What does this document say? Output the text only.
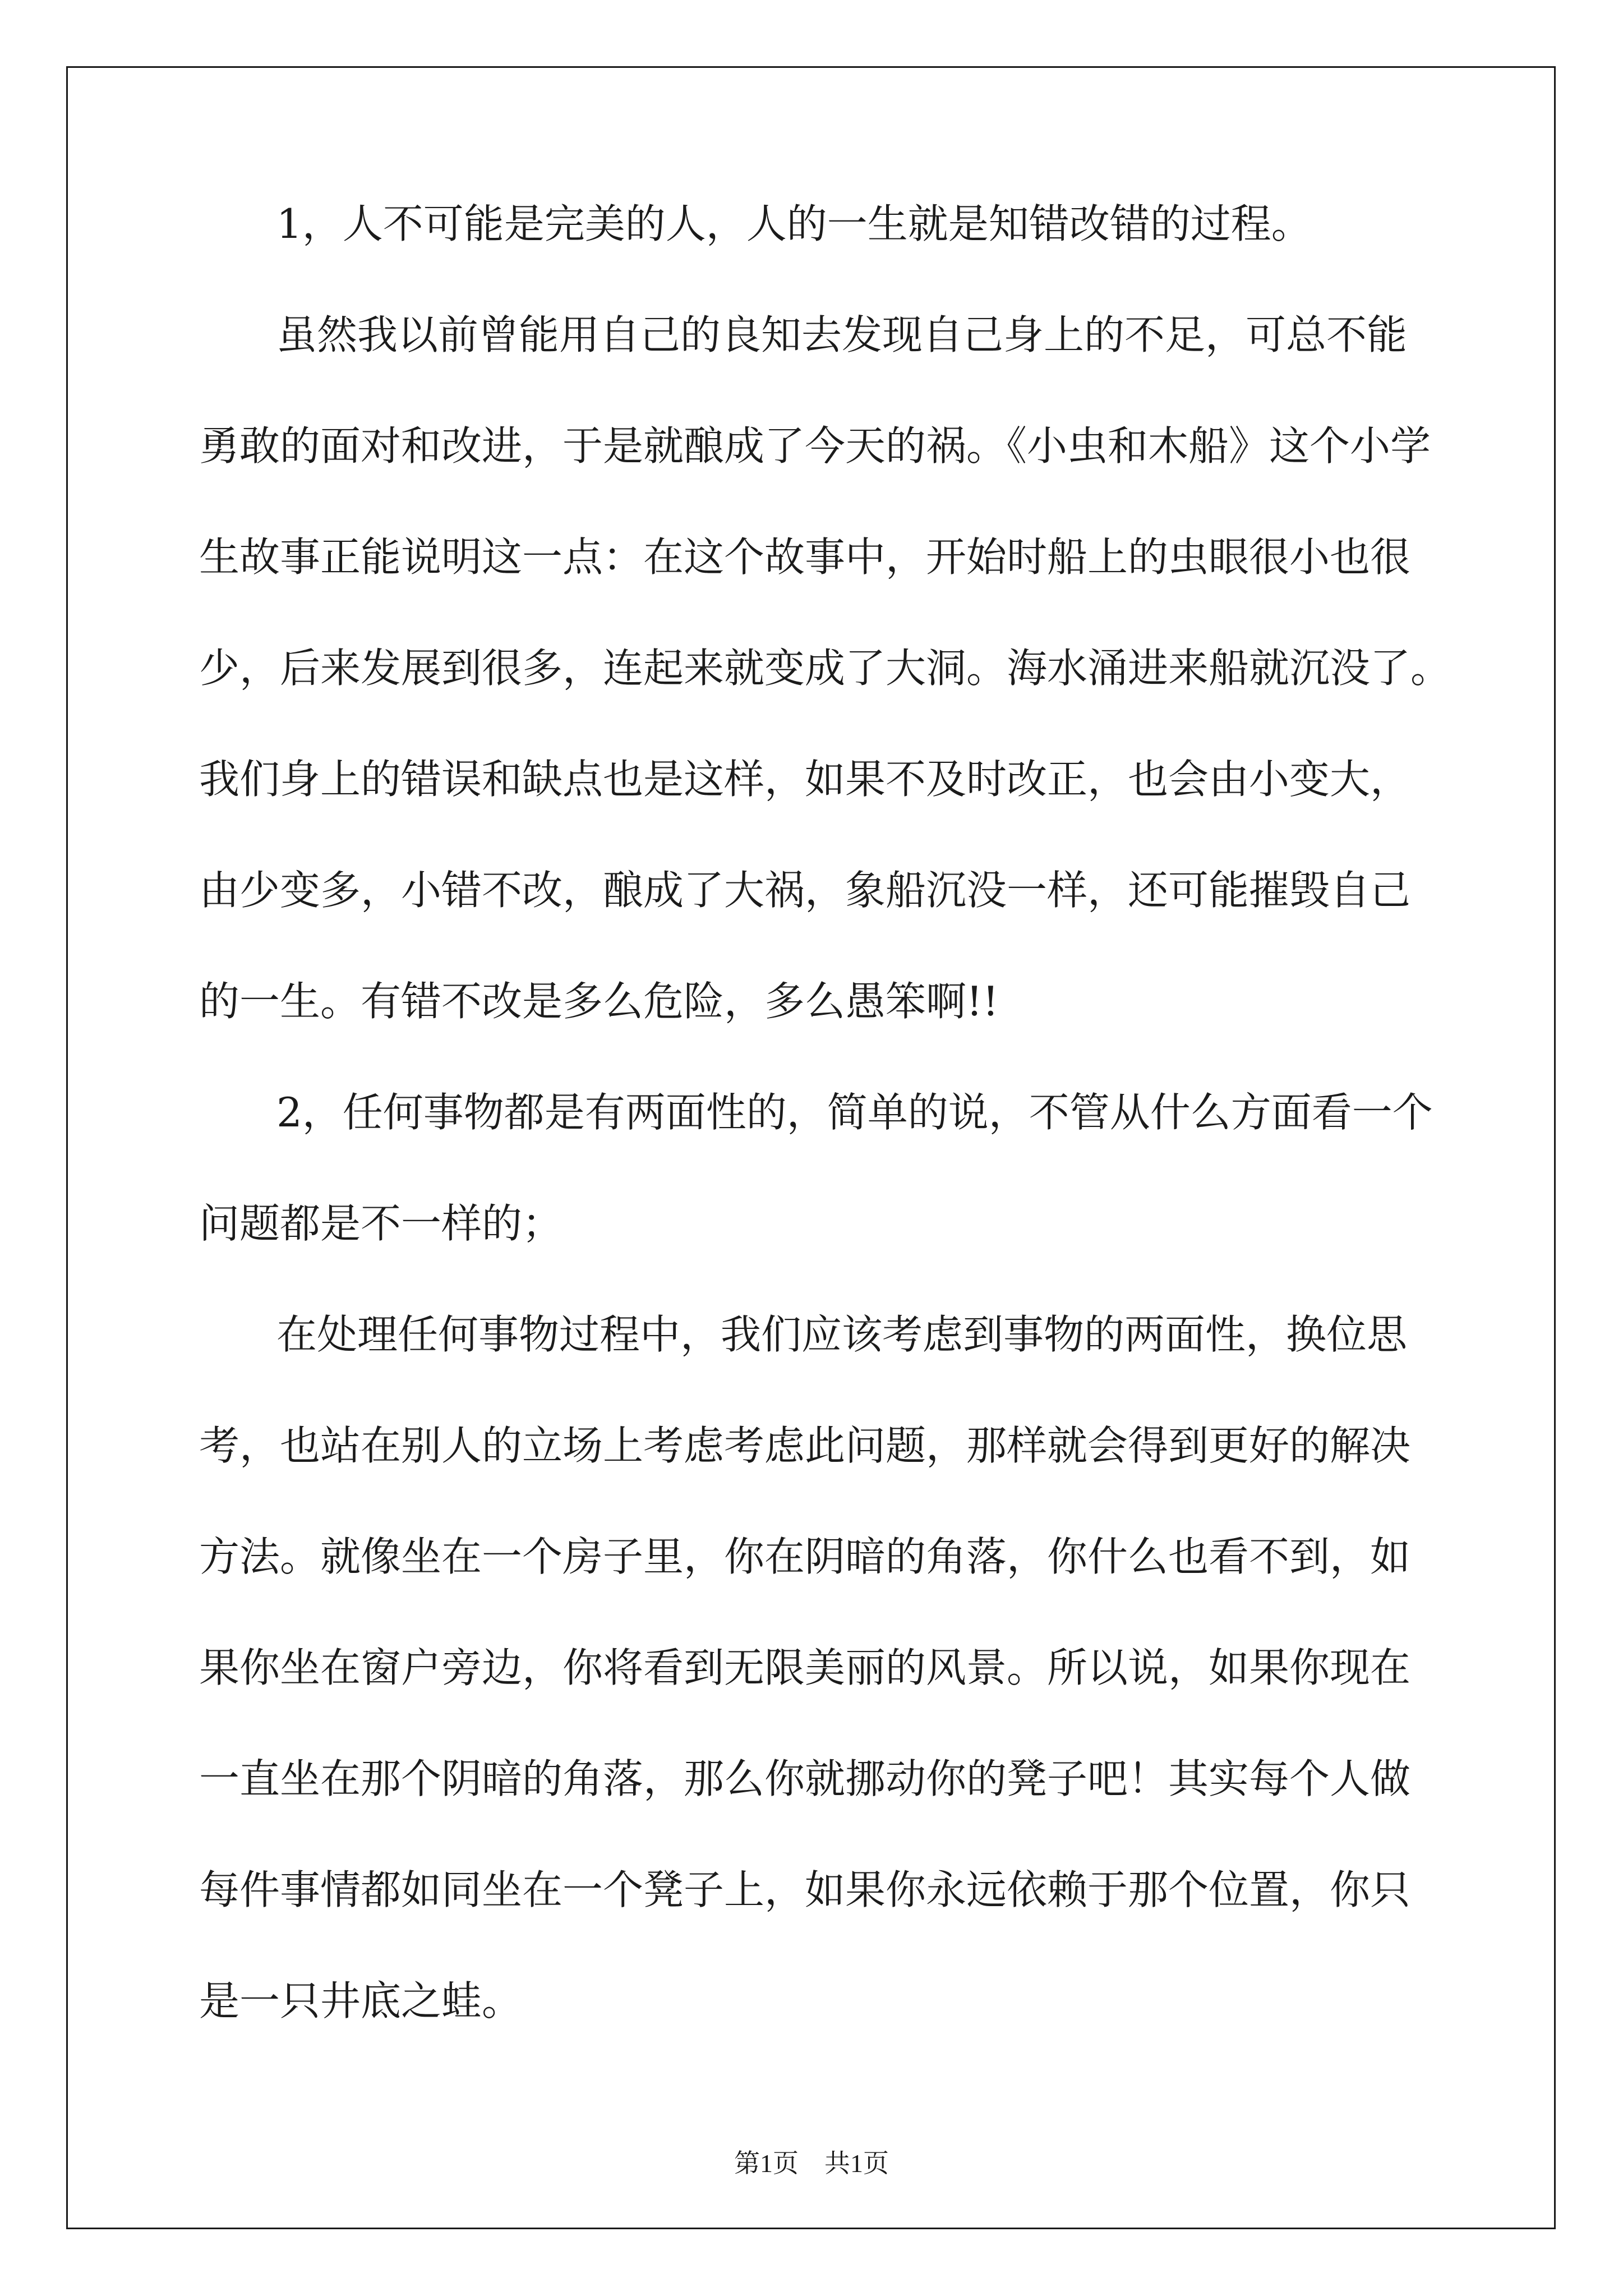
1，人不可能是完美的人，人的一生就是知错改错的过程。
虽然我以前曾能用自己的良知去发现自己身上的不足，可总不能
勇敢的面对和改进，于是就酿成了今天的祸。《小虫和木船》这个小学
生故事正能说明这一点：在这个故事中，开始时船上的虫眼很小也很
少，后来发展到很多，连起来就变成了大洞。海水涌进来船就沉没了。
我们身上的错误和缺点也是这样，如果不及时改正，也会由小变大，
由少变多，小错不改，酿成了大祸，象船沉没一样，还可能摧毁自己
的一生。有错不改是多么危险，多么愚笨啊!!
2，任何事物都是有两面性的，简单的说，不管从什么方面看一个
问题都是不一样的；
在处理任何事物过程中，我们应该考虑到事物的两面性，换位思
考，也站在别人的立场上考虑考虑此问题，那样就会得到更好的解决
方法。就像坐在一个房子里，你在阴暗的角落，你什么也看不到，如
果你坐在窗户旁边，你将看到无限美丽的风景。所以说，如果你现在
一直坐在那个阴暗的角落，那么你就挪动你的凳子吧！其实每个人做
每件事情都如同坐在一个凳子上，如果你永远依赖于那个位置，你只
是一只井底之蛙。
第1页　共1页
